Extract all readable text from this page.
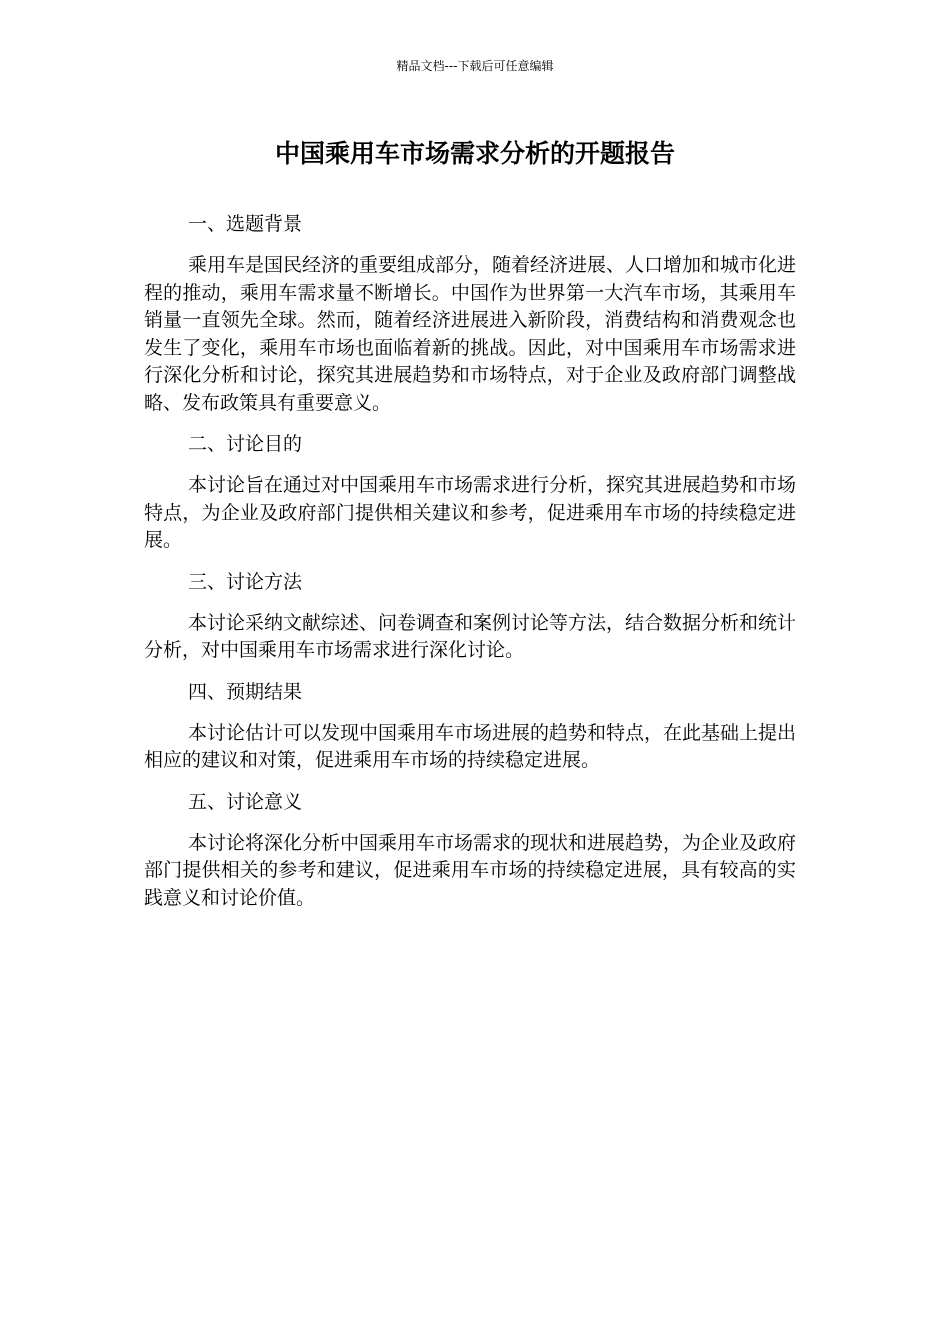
精品文档---下载后可任意编辑
中国乘用车市场需求分析的开题报告

一、选题背景

乘用车是国民经济的重要组成部分，随着经济进展、人口增加和城市化进程的推动，乘用车需求量不断增长。中国作为世界第一大汽车市场，其乘用车销量一直领先全球。然而，随着经济进展进入新阶段，消费结构和消费观念也发生了变化，乘用车市场也面临着新的挑战。因此，对中国乘用车市场需求进行深化分析和讨论，探究其进展趋势和市场特点，对于企业及政府部门调整战略、发布政策具有重要意义。

二、讨论目的

本讨论旨在通过对中国乘用车市场需求进行分析，探究其进展趋势和市场特点，为企业及政府部门提供相关建议和参考，促进乘用车市场的持续稳定进展。

三、讨论方法

本讨论采纳文献综述、问卷调查和案例讨论等方法，结合数据分析和统计分析，对中国乘用车市场需求进行深化讨论。

四、预期结果

本讨论估计可以发现中国乘用车市场进展的趋势和特点，在此基础上提出相应的建议和对策，促进乘用车市场的持续稳定进展。

五、讨论意义

本讨论将深化分析中国乘用车市场需求的现状和进展趋势，为企业及政府部门提供相关的参考和建议，促进乘用车市场的持续稳定进展，具有较高的实践意义和讨论价值。
